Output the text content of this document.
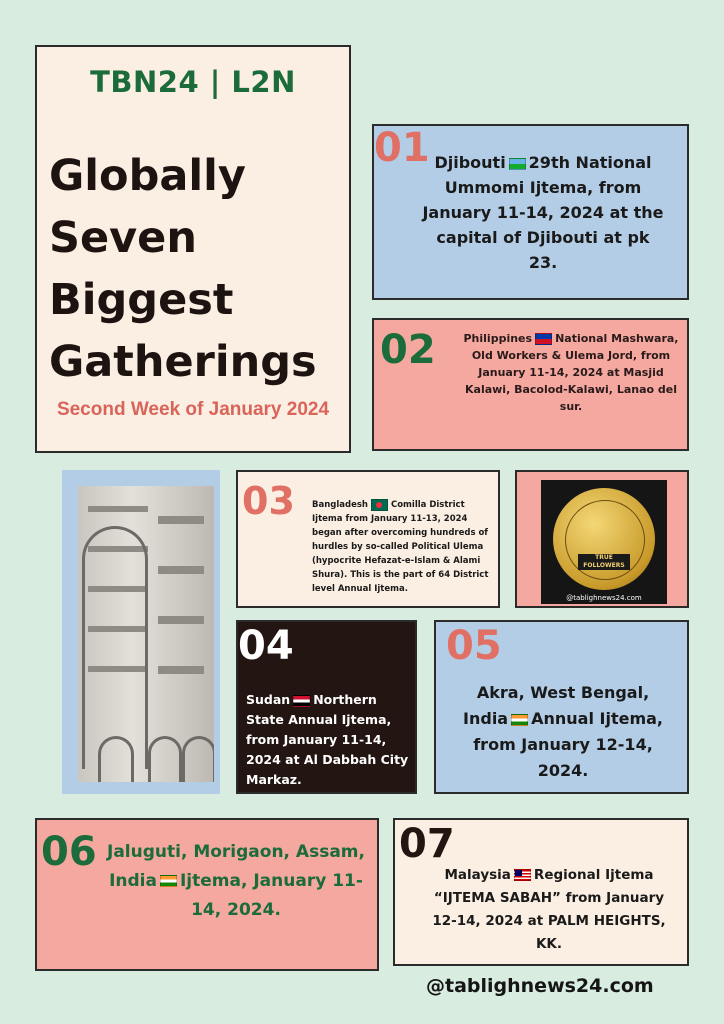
TBN24 | L2N
Globally
Seven
Biggest
Gatherings
Second Week of January 2024
01 Djibouti 29th National Ummomi Ijtema, from January 11-14, 2024 at the capital of Djibouti at pk 23.
02	Philippines National Mashwara, Old Workers & Ulema Jord, from January 11-14, 2024 at Masjid Kalawi, Bacolod-Kalawi, Lanao del sur.
03 Bangladesh	Comilla District Ijtema from January 11-13, 2024 began after overcoming hundreds of hurdles by so-called Political Ulema (hypocrite Hefazat-e-Islam & Alami Shura). This is the part of 64 District level Annual Ijtema.
TRUE FOLLOWERS
@tablighnews24.com
04
Sudan Northern State Annual Ijtema, from January 11-14, 2024 at Al Dabbah City Markaz.
05
Akra, West Bengal, India Annual Ijtema, from January 12-14, 2024.
06 Jaluguti, Morigaon, Assam, India Ijtema, January 11-14, 2024.
07
Malaysia Regional Ijtema “IJTEMA SABAH” from January 12-14, 2024 at PALM HEIGHTS, KK.
@tablighnews24.com
